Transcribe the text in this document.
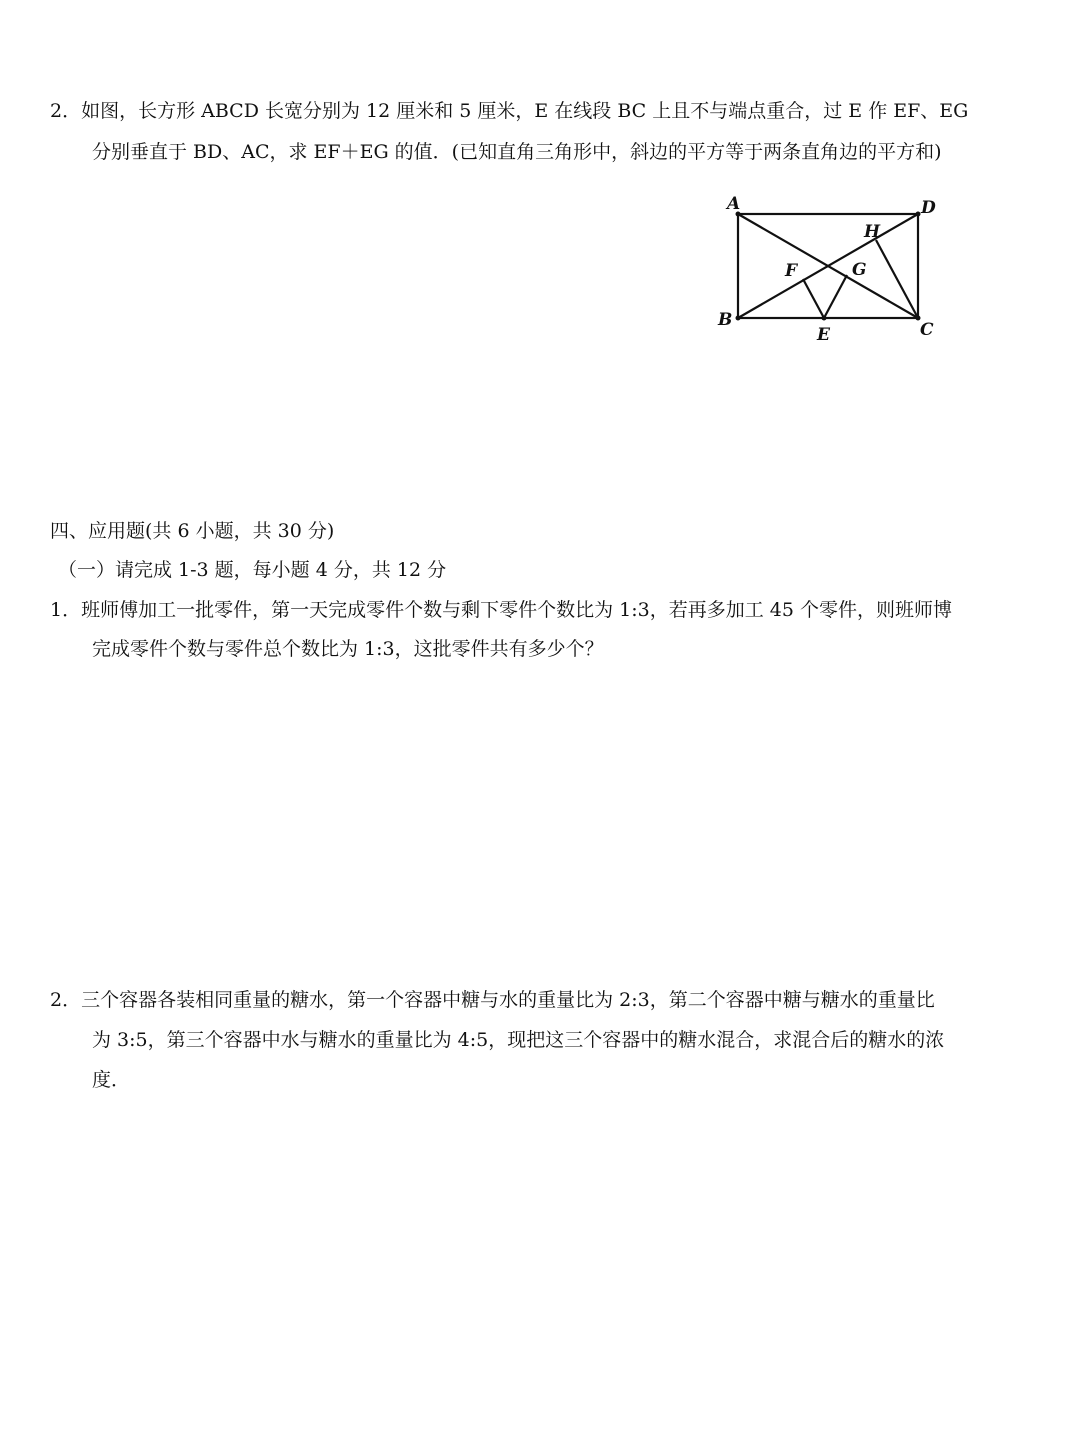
2．如图，长方形 ABCD 长宽分别为 12 厘米和 5 厘米，E 在线段 BC 上且不与端点重合，过 E 作 EF、EG
分别垂直于 BD、AC，求 EF＋EG 的值．(已知直角三角形中，斜边的平方等于两条直角边的平方和)
A	D
B	C
E
F	G
H
四、应用题(共 6 小题，共 30 分)
（一）请完成 1-3 题，每小题 4 分，共 12 分
1．班师傅加工一批零件，第一天完成零件个数与剩下零件个数比为 1:3，若再多加工 45 个零件，则班师博
完成零件个数与零件总个数比为 1:3，这批零件共有多少个？
2．三个容器各装相同重量的糖水，第一个容器中糖与水的重量比为 2:3，第二个容器中糖与糖水的重量比
为 3:5，第三个容器中水与糖水的重量比为 4:5，现把这三个容器中的糖水混合，求混合后的糖水的浓
度．
